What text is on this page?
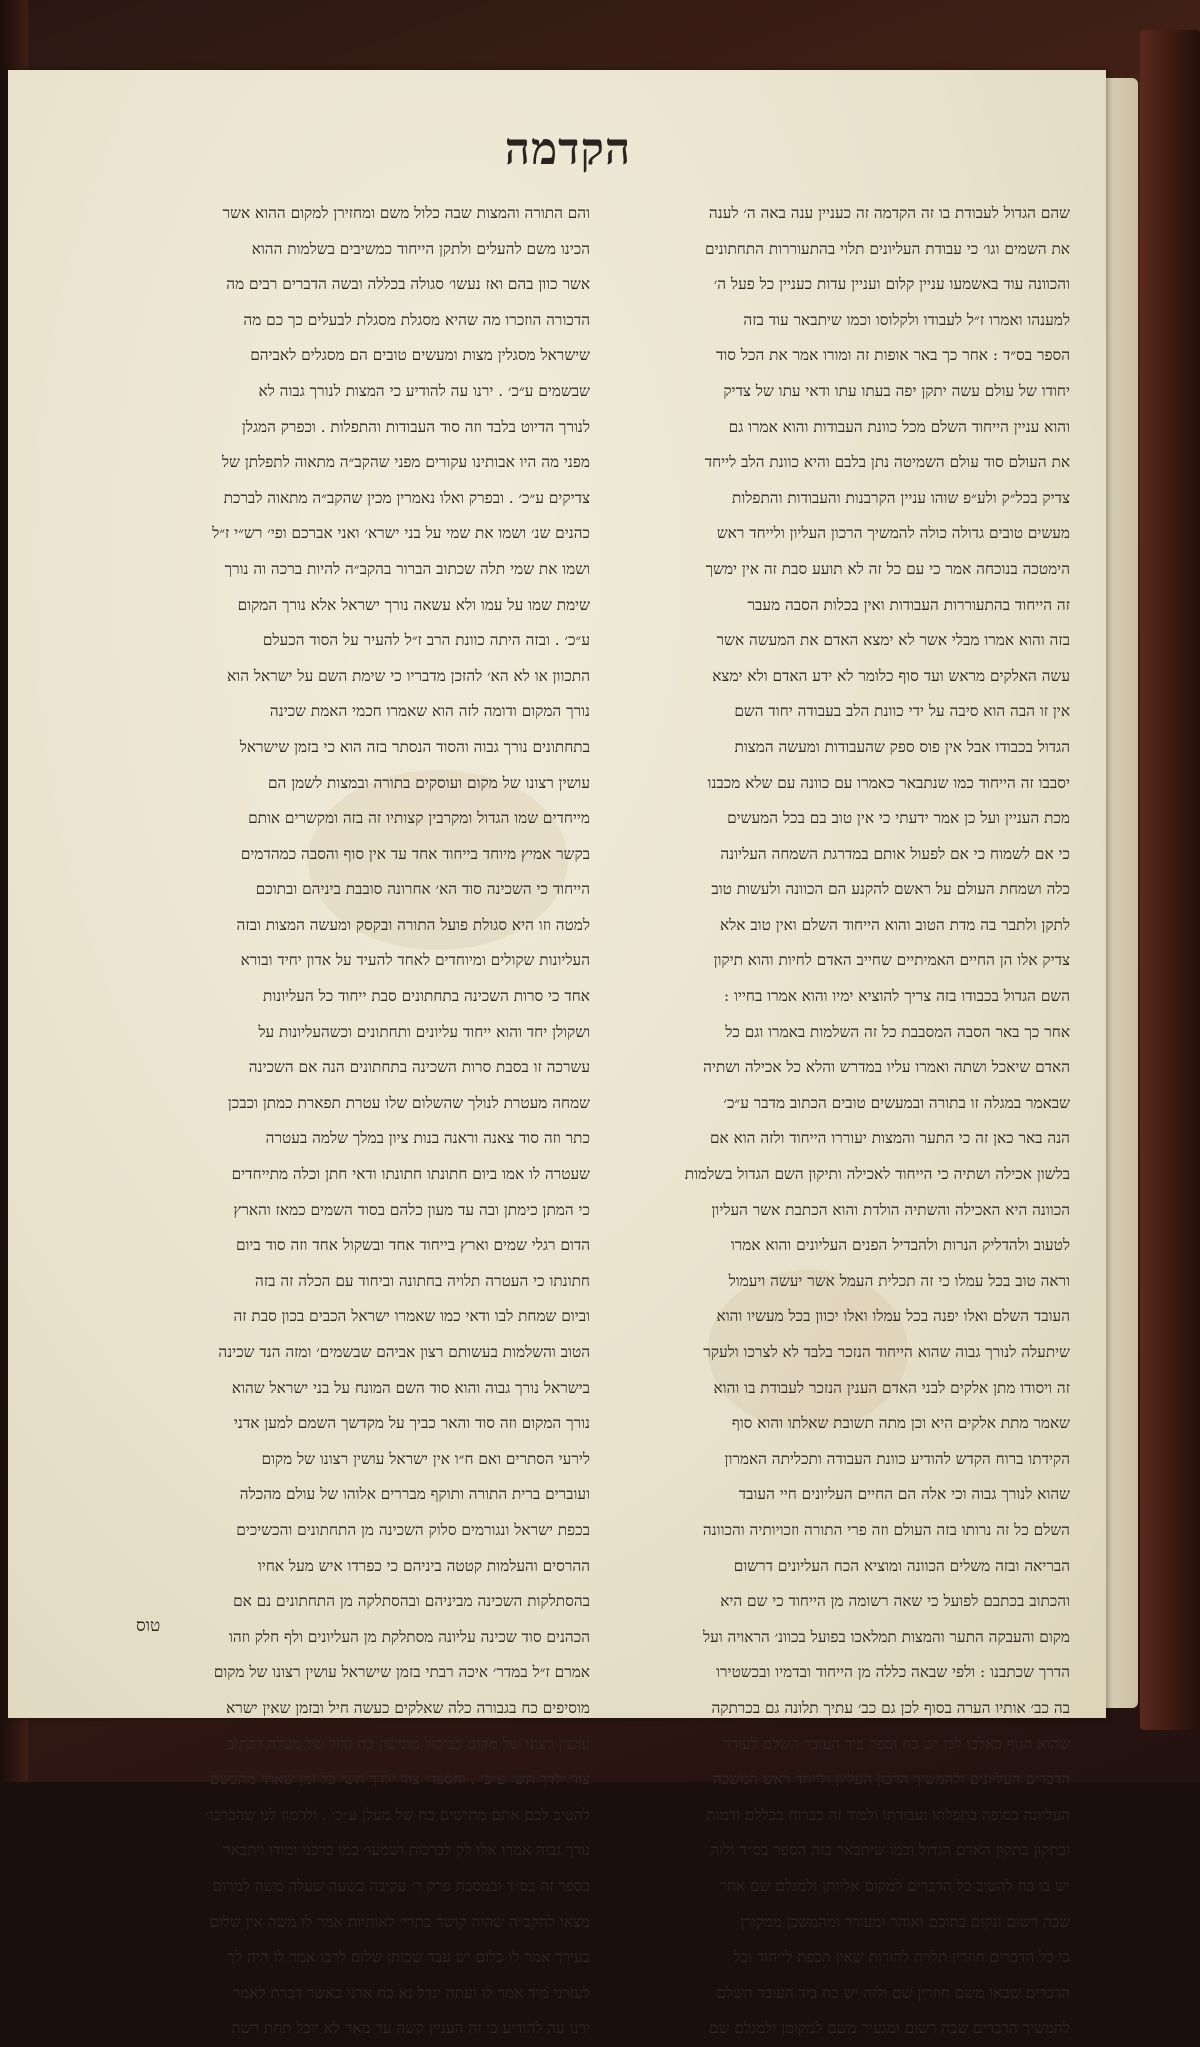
הקדמה
שהם הגדול לעבודת בו זה הקדמה זה כעניין ענה באה ה׳ לענה
את השמים וגו׳ כי עבודת העליונים תלוי בהתעוררות התחתונים
והכוונה עוד באשמעו עניין קלום ועניין עדות כעניין כל פעל ה׳
למענהו ואמרו ז״ל לעבודו ולקלוסו וכמו שיתבאר עוד בזה
הספר בס״ד : אחר כך באר אופות זה ומורו אמר את הכל סוד
יחודו של עולם עשה יתקן יפה בעתו עתו ודאי עתו של צדיק
והוא עניין הייחוד השלם מכל כוונת העבודות והוא אמרו גם
את העולם סוד עולם השמיטה נתן בלבם והיא כוונת הלב לייחד
צדיק בכל״ק ולע״פ שוהו עניין הקרבנות והעבודות והתפלות
מעשים טובים גדולה כולה להמשיך הרכון העליון ולייחד ראש
הימטכה בנוכחה אמר כי עם כל זה לא תועע סבת זה אין ימשך
זה הייחוד בהתעוררות העבודות ואין בכלות הסבה מעבר
בזה והוא אמרו מבלי אשר לא ימצא האדם את המעשה אשר
עשה האלקים מראש ועד סוף כלומר לא ידע האדם ולא ימצא
אין זו הבה הוא סיבה על ידי כוונת הלב בעבודה יחוד השם
הגדול בכבודו אבל אין פוס ספק שהעבודות ומעשה המצות
יסבבו זה הייחוד כמו שנתבאר כאמרו עם כוונה עם שלא מכבנו
מכת העניין ועל כן אמר ידעתי כי אין טוב בם בכל המעשים
כי אם לשמוח כי אם לפעול אותם במדרגת השמחה העליונה
כלה ושמחת העולם על ראשם להקנע הם הכוונה ולעשות טוב
לתקן ולתבר בה מדת הטוב והוא הייחוד השלם ואין טוב אלא
צדיק אלו הן החיים האמיתיים שחייב האדם לחיות והוא תיקון
השם הגדול בכבודו בזה צריך להוציא ימיו והוא אמרו בחייו :
אחר כך באר הסבה המסבבת כל זה השלמות באמרו וגם כל
האדם שיאכל ושתה ואמרו עליו במדרש והלא כל אכילה ושתיה
שבאמר במגלה זו בתורה ובמעשים טובים הכתוב מדבר ע״כ׳
הנה באר כאן זה כי התער והמצות יעוררו הייחוד ולזה הוא אם
בלשון אכילה ושתיה כי הייחוד לאכילה ותיקון השם הגדול בשלמות
הכוונה היא האכילה והשתיה הולדת והוא הכתבת אשר העליון
לטעוב ולהדליק הנרות ולהבדיל הפנים העליונים והוא אמרו
וראה טוב בכל עמלו כי זה תכלית העמל אשר יעשה ויעמול
העובד השלם ואלו יפנה בכל עמלו ואלו יכוון בכל מעשיו והוא
שיתעלה לנורך גבוה שהוא הייחוד הנזכר בלבד לא לצרכו ולעקר
זה ויסודו מתן אלקים לבני האדם הענין הנזכר לעבודת בו והוא
שאמר מתת אלקים היא וכן מתה תשובת שאלתו והוא סוף
הקידתו ברוח הקדש להודיע כוונת העבודה ותכליתה האמרון
שהוא לנורך גבוה וכי אלה הם החיים העליונים חיי העובד
השלם כל זה נרותו בזה העולם וזה פרי התורה וזכויותיה והכוונה
הבריאה ובזה משלים הכוונה ומוציא הכח העליונים דרשום
והכתוב בכתבם לפועל כי שאה רשומה מן הייחוד כי שם היא
מקום והעבקה התער והמצות תמלאכו בפועל בכוונ׳ הראויה ועל
הדרך שכתבנו : ולפי שבאה כללה מן הייחוד ובדמיו ובכשטירו
בה כב׳ אותיו הערה בסוף לכן גם כב׳ עתיך תלונה גם בכרתקה
שהוא הגוף כאלכו לכן יש כח וספק ביד העובד השלם לעורר
הדברים העליונים ולהמשיך הרכון העליון ולייחד ראש המשכה
העליונה בסופה בתפלתו ועבודתו ולמוד זה כברוח בכללם ודמות
ובתקון בתקון האדם הגדול וכמו שיתבאר בזה הספר בס״ד ולזה
יש בו כח להטיב כל הדברים למקום אליותן ולמגלם שם אחר
שבה רשום ונקום בתוכם ואוהר ומעורר ומהמשכן ממקורן
כי כל הדברים חוזרין תלויה להורות שאין הכפת לייחוד וכל
הדברים שבאו משם חוזרין שם ולזה יש כח ביד העובד השלם
להמשיך הדברים שבה רשום ומגעיר משם למקומן ולמגלם שם
והם התורה והמצות שבה כלול משם ומחזירן למקום ההוא אשר
הכינו משם להעלים ולתקן הייחוד כמשיבים בשלמות ההוא
אשר כוון בהם ואז נעשו׳ סגולה בכללה ובשה הדברים רבים מה
הדכורה הוזכרו מה שהיא מסגלת מסגלת לבעלים כך כם מה
שישראל מסגלין מצות ומעשים טובים הם מסגלים לאביהם
שבשמים ע״כ׳ . ירנו עה להודיע כי המצות לנורך גבוה לא
לנורך הדיוט בלבד וזה סוד העבודות והתפלות . וכפרק המגלן
מפני מה היו אבותינו עקורים מפני שהקב״ה מתאוה לתפלתן של
צדיקים ע״כ׳ . ובפרק ואלו נאמרין מכין שהקב״ה מתאוה לברכת
כהנים שנ׳ ושמו את שמי על בני ישרא׳ ואני אברכם ופי׳ רש״י ז״ל
ושמו את שמי תלה שכתוב הברור בהקב״ה להיות ברכה וה נורך
שימת שמו על עמו ולא עשאה נורך ישראל אלא נורך המקום
ע״כ׳ . ובזה היתה כוונת הרב ז״ל להעיר על הסוד הכעלם
התכוון או לא הא׳ להזכן מדבריו כי שימת השם על ישראל הוא
נורך המקום ודומה לזה הוא שאמרו חכמי האמת שכינה
בתחתונים נורך גבוה והסוד הנסתר בזה הוא כי בזמן שישראל
עושין רצונו של מקום ועוסקים בתורה ובמצות לשמן הם
מייחדים שמו הגדול ומקרבין קצותיו זה בזה ומקשרים אותם
בקשר אמיץ מיוחד בייחוד אחד עד אין סוף והסבה כמהדמים
הייחוד כי השכינה סוד הא׳ אחרונה סובבת ביניהם ובתוכם
למטה וזו היא סגולת פועל התורה ובקסק ומעשה המצות ובזה
העליונות שקולים ומיוחדים לאחד להעיד על אדון יחיד ובורא
אחד כי סרות השכינה בתחתונים סבת ייחוד כל העליונות
ושקולן יחד והוא ייחוד עליונים ותחתונים וכשהעליונות על
עשרכה זו בסבת סרות השכינה בתחתונים הנה אם השכינה
שמחה מעטרת לנולך שהשלום שלו עטרת תפארת כמתן וכבכן
כתר וזה סוד צאנה וראנה בנות ציון במלך שלמה בעטרה
שעטרה לו אמו ביום חתונתו חתונתו ודאי חתן וכלה מתייחדים
כי המתן כימתן ובה עד מעון כלהם בסוד השמים כמאז והארץ
הדום רגלי שמים וארץ בייחוד אחד ובשקול אחד וזה סוד ביום
חתונתו כי העטרה תלויה בחתונה וביחוד עם הכלה זה בזה
וביום שמחת לבו ודאי כמו שאמרו ישראל הכבים בכון סבת זה
הטוב והשלמות בעשותם רצון אביהם שבשמים׳ ומזה הנד שכינה
בישראל נורך גבוה והוא סוד השם המונח על בני ישראל שהוא
נורך המקום וזה סוד והאר כביך על מקדשך השמם למען אדני
לירעי הסתרים ואם ח״ו אין ישראל עושין רצונו של מקום
ועוברים ברית התורה ותוקף מבררים אלוהו של עולם מהכלה
בכפת ישראל ונגורמים סלוק השכינה מן התחתונים והכשיכים
ההרסים והעלמות קטטה ביניהם כי כפרדו איש מעל אחיו
בהסתלקות השכינה מביניהם ובהסתלקה מן התחתונים נם אם
הכהנים סוד שכינה עליונה מסתלקת מן העליונים ולף חלק וזהו
אמרם ז״ל במדר׳ איכה רבתי בזמן שישראל עושין רצונו של מקום
מוסיפים כח בגבורה כלה שאלקים כעשה חיל ובזמן שאין ישרא
עושין רצונו של מקום כביכול מתישין כח גדול של מעלה דכתיב
צור ילדך תשי ע״כ׳ . והספרי צור ילדך תשי כל זמן שאתי מתכשם
להטיב לכם אתם מתישים כח של מעלן ע״כ׳ . ולרמוז לנו שהברכו׳
נורך גבוה אמרו אלו לק לברכות ושמעו׳ כמו ברכני ומודו ויתבאר
בספר זה בס״ד ובמסכת פרק ר׳ עקיבה כשעה שעלה משה למרום
מצאו להקב״ה שהיה קושר כתרי׳ לאותיות אמר לו משה אין שלום
בעירך אמר לו כלום יש עבד שכותן שלום לרבו אמר לו היה לך
לעזרני מיד אמר לו ועתה יגדל נא כח אדני כאשר דברת לאמר
ירנו עה להודיע כי זה העניין קשה עד מאד לא יוכל תחת רשת
טוס
